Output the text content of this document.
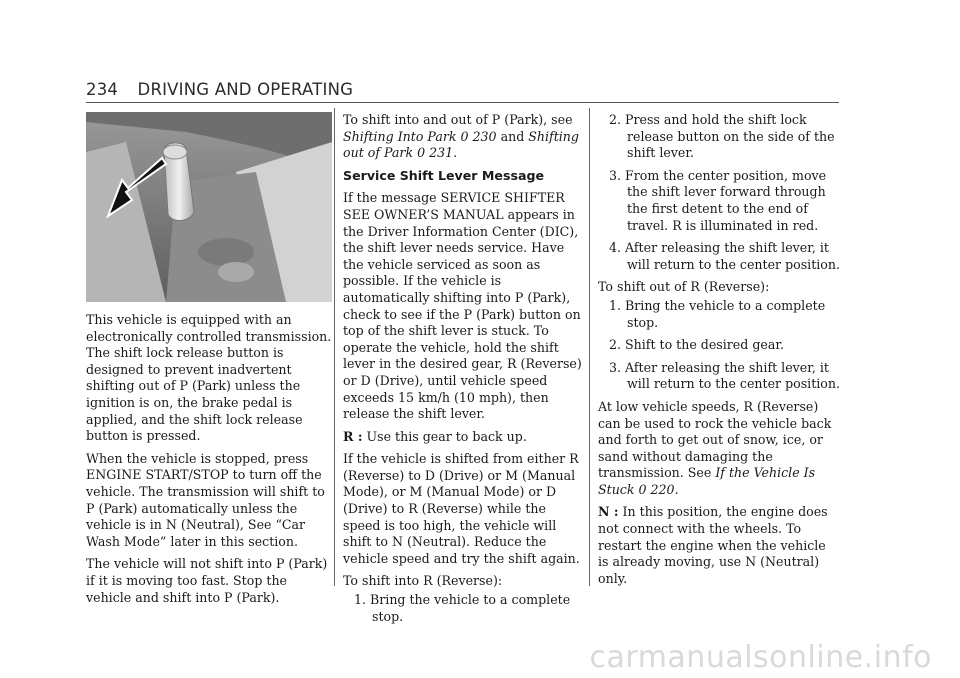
234 DRIVING AND OPERATING

This vehicle is equipped with an electronically controlled transmission. The shift lock release button is designed to prevent inadvertent shifting out of P (Park) unless the ignition is on, the brake pedal is applied, and the shift lock release button is pressed.

When the vehicle is stopped, press ENGINE START/STOP to turn off the vehicle. The transmission will shift to P (Park) automatically unless the vehicle is in N (Neutral), See “Car Wash Mode” later in this section.

The vehicle will not shift into P (Park) if it is moving too fast. Stop the vehicle and shift into P (Park).

To shift into and out of P (Park), see Shifting Into Park 0 230 and Shifting out of Park 0 231.

Service Shift Lever Message

If the message SERVICE SHIFTER SEE OWNER’S MANUAL appears in the Driver Information Center (DIC), the shift lever needs service. Have the vehicle serviced as soon as possible. If the vehicle is automatically shifting into P (Park), check to see if the P (Park) button on top of the shift lever is stuck. To operate the vehicle, hold the shift lever in the desired gear, R (Reverse) or D (Drive), until vehicle speed exceeds 15 km/h (10 mph), then release the shift lever.

R : Use this gear to back up.

If the vehicle is shifted from either R (Reverse) to D (Drive) or M (Manual Mode), or M (Manual Mode) or D (Drive) to R (Reverse) while the speed is too high, the vehicle will shift to N (Neutral). Reduce the vehicle speed and try the shift again.

To shift into R (Reverse):

1. Bring the vehicle to a complete stop.

2. Press and hold the shift lock release button on the side of the shift lever.

3. From the center position, move the shift lever forward through the first detent to the end of travel. R is illuminated in red.

4. After releasing the shift lever, it will return to the center position.

To shift out of R (Reverse):

1. Bring the vehicle to a complete stop.

2. Shift to the desired gear.

3. After releasing the shift lever, it will return to the center position.

At low vehicle speeds, R (Reverse) can be used to rock the vehicle back and forth to get out of snow, ice, or sand without damaging the transmission. See If the Vehicle Is Stuck 0 220.

N : In this position, the engine does not connect with the wheels. To restart the engine when the vehicle is already moving, use N (Neutral) only.

carmanualsonline.info
